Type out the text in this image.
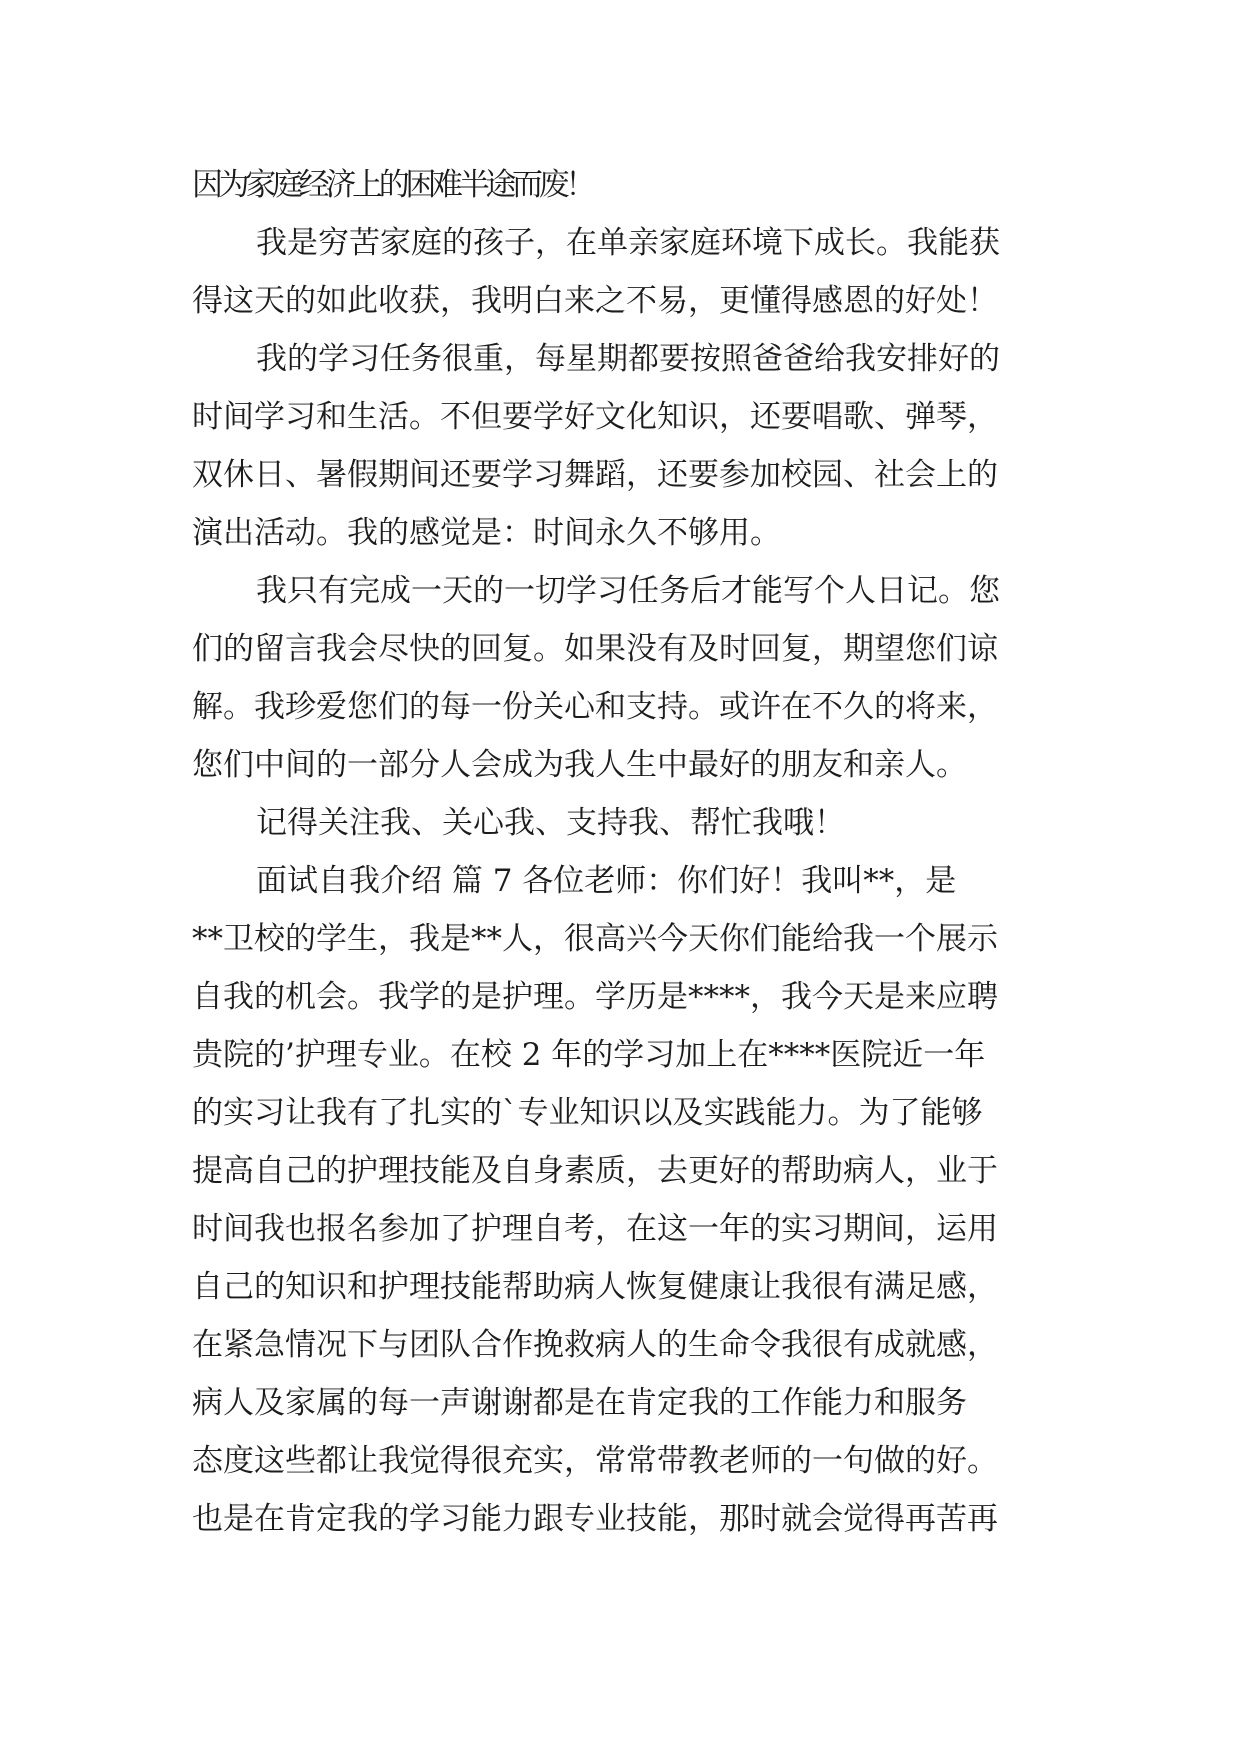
因为家庭经济上的困难半途而废！
我是穷苦家庭的孩子，在单亲家庭环境下成长。我能获
得这天的如此收获，我明白来之不易，更懂得感恩的好处！
我的学习任务很重，每星期都要按照爸爸给我安排好的
时间学习和生活。不但要学好文化知识，还要唱歌、弹琴，
双休日、暑假期间还要学习舞蹈，还要参加校园、社会上的
演出活动。我的感觉是：时间永久不够用。
我只有完成一天的一切学习任务后才能写个人日记。您
们的留言我会尽快的回复。如果没有及时回复，期望您们谅
解。我珍爱您们的每一份关心和支持。或许在不久的将来，
您们中间的一部分人会成为我人生中最好的朋友和亲人。
记得关注我、关心我、支持我、帮忙我哦！
面试自我介绍 篇 7 各位老师：你们好！我叫**，是
**卫校的学生，我是**人，很高兴今天你们能给我一个展示
自我的机会。我学的是护理。学历是****，我今天是来应聘
贵院的’护理专业。在校 2 年的学习加上在****医院近一年
的实习让我有了扎实的`专业知识以及实践能力。为了能够
提高自己的护理技能及自身素质，去更好的帮助病人，业于
时间我也报名参加了护理自考，在这一年的实习期间，运用
自己的知识和护理技能帮助病人恢复健康让我很有满足感，
在紧急情况下与团队合作挽救病人的生命令我很有成就感，
病人及家属的每一声谢谢都是在肯定我的工作能力和服务
态度这些都让我觉得很充实，常常带教老师的一句做的好。
也是在肯定我的学习能力跟专业技能，那时就会觉得再苦再
